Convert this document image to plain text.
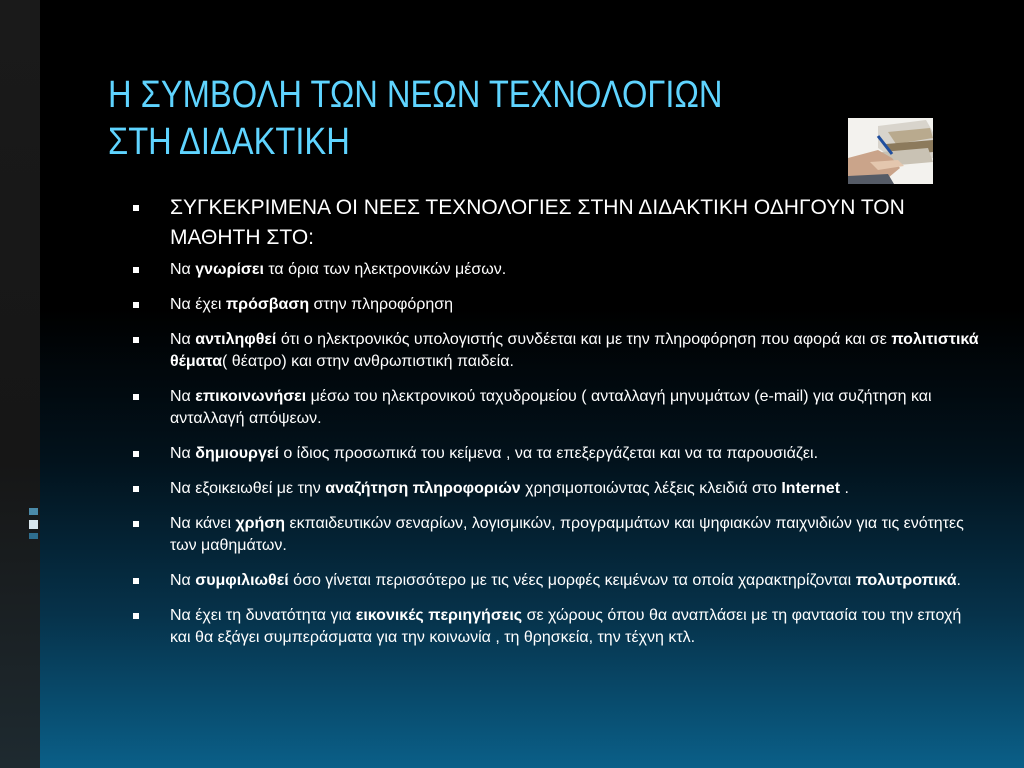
Η ΣΥΜΒΟΛΗ ΤΩΝ ΝΕΩΝ ΤΕΧΝΟΛΟΓΙΩΝ
ΣΤΗ ΔΙΔΑΚΤΙΚΗ
ΣΥΓΚΕΚΡΙΜΕΝΑ ΟΙ ΝΕΕΣ ΤΕΧΝΟΛΟΓΙΕΣ ΣΤΗΝ ΔΙΔΑΚΤΙΚΗ ΟΔΗΓΟΥΝ ΤΟΝ ΜΑΘΗΤΗ ΣΤΟ:
Να γνωρίσει τα όρια των ηλεκτρονικών μέσων.
Να έχει πρόσβαση στην πληροφόρηση
Να αντιληφθεί ότι ο ηλεκτρονικός υπολογιστής συνδέεται και με την πληροφόρηση που αφορά και σε πολιτιστικά θέματα( θέατρο) και στην ανθρωπιστική παιδεία.
Να επικοινωνήσει μέσω του ηλεκτρονικού ταχυδρομείου ( ανταλλαγή μηνυμάτων (e-mail) για συζήτηση και ανταλλαγή απόψεων.
Να δημιουργεί ο ίδιος προσωπικά του κείμενα , να τα επεξεργάζεται και να τα παρουσιάζει.
Να εξοικειωθεί με την αναζήτηση πληροφοριών χρησιμοποιώντας λέξεις κλειδιά στο Internet .
Να κάνει χρήση εκπαιδευτικών σεναρίων, λογισμικών, προγραμμάτων και ψηφιακών παιχνιδιών για τις ενότητες των μαθημάτων.
Να συμφιλιωθεί όσο γίνεται περισσότερο με τις νέες μορφές κειμένων τα οποία χαρακτηρίζονται πολυτροπικά.
Να έχει τη δυνατότητα για εικονικές περιηγήσεις σε χώρους όπου θα αναπλάσει με τη φαντασία του την εποχή και θα εξάγει συμπεράσματα για την κοινωνία , τη θρησκεία, την τέχνη κτλ.
